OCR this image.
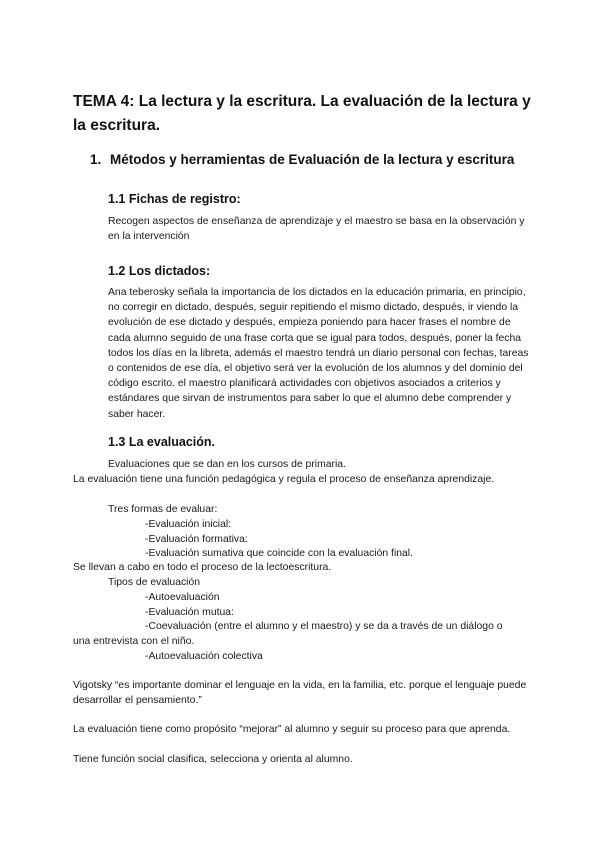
TEMA 4: La lectura y la escritura. La evaluación de la lectura y la escritura.
1. Métodos y herramientas de Evaluación de la lectura y escritura
1.1 Fichas de registro:

Recogen aspectos de enseñanza de aprendizaje y el maestro se basa en la observación y en la intervención

1.2 Los dictados:

Ana teberosky señala la importancia de los dictados en la educación primaria, en principio, no corregir en dictado, después, seguir repitiendo el mismo dictado, después, ir viendo la evolución de ese dictado y después, empieza poniendo para hacer frases el nombre de cada alumno seguido de una frase corta que se igual para todos, después, poner la fecha todos los días en la libreta, además el maestro tendrá un diario personal con fechas, tareas o contenidos de ese día, el objetivo será ver la evolución de los alumnos y del dominio del código escrito. el maestro planificará actividades con objetivos asociados a criterios y estándares que sirvan de instrumentos para saber lo que el alumno debe comprender y saber hacer.

1.3 La evaluación.

Evaluaciones que se dan en los cursos de primaria.

La evaluación tiene una función pedagógica y regula el proceso de enseñanza aprendizaje.

Tres formas de evaluar:

-Evaluación inicial:

-Evaluación formativa:

-Evaluación sumativa que coincide con la evaluación final.

Se llevan a cabo en todo el proceso de la lectoescritura.

Tipos de evaluación

-Autoevaluación

-Evaluación mutua:

-Coevaluación (entre el alumno y el maestro) y se da a través de un diálogo o

una entrevista con el niño.

-Autoevaluación colectiva

Vigotsky “es importante dominar el lenguaje en la vida, en la familia, etc. porque el lenguaje puede desarrollar el pensamiento.”

La evaluación tiene como propósito “mejorar” al alumno y seguir su proceso para que aprenda.

Tiene función social clasifica, selecciona y orienta al alumno.
